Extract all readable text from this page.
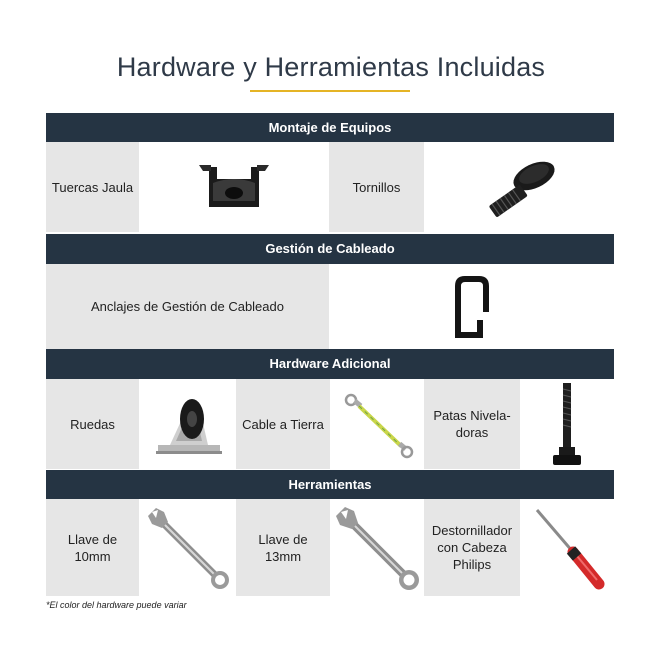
Hardware y Herramientas Incluidas
Montaje de Equipos
Tuercas Jaula	Tornillos
Gestión de Cableado
Anclajes de Gestión de Cableado
Hardware Adicional
Ruedas	Cable a Tierra
Patas Nivela-doras
Herramientas
Llave de 10mm
Llave de 13mm
Destornillador con Cabeza Philips
*El color del hardware puede variar
